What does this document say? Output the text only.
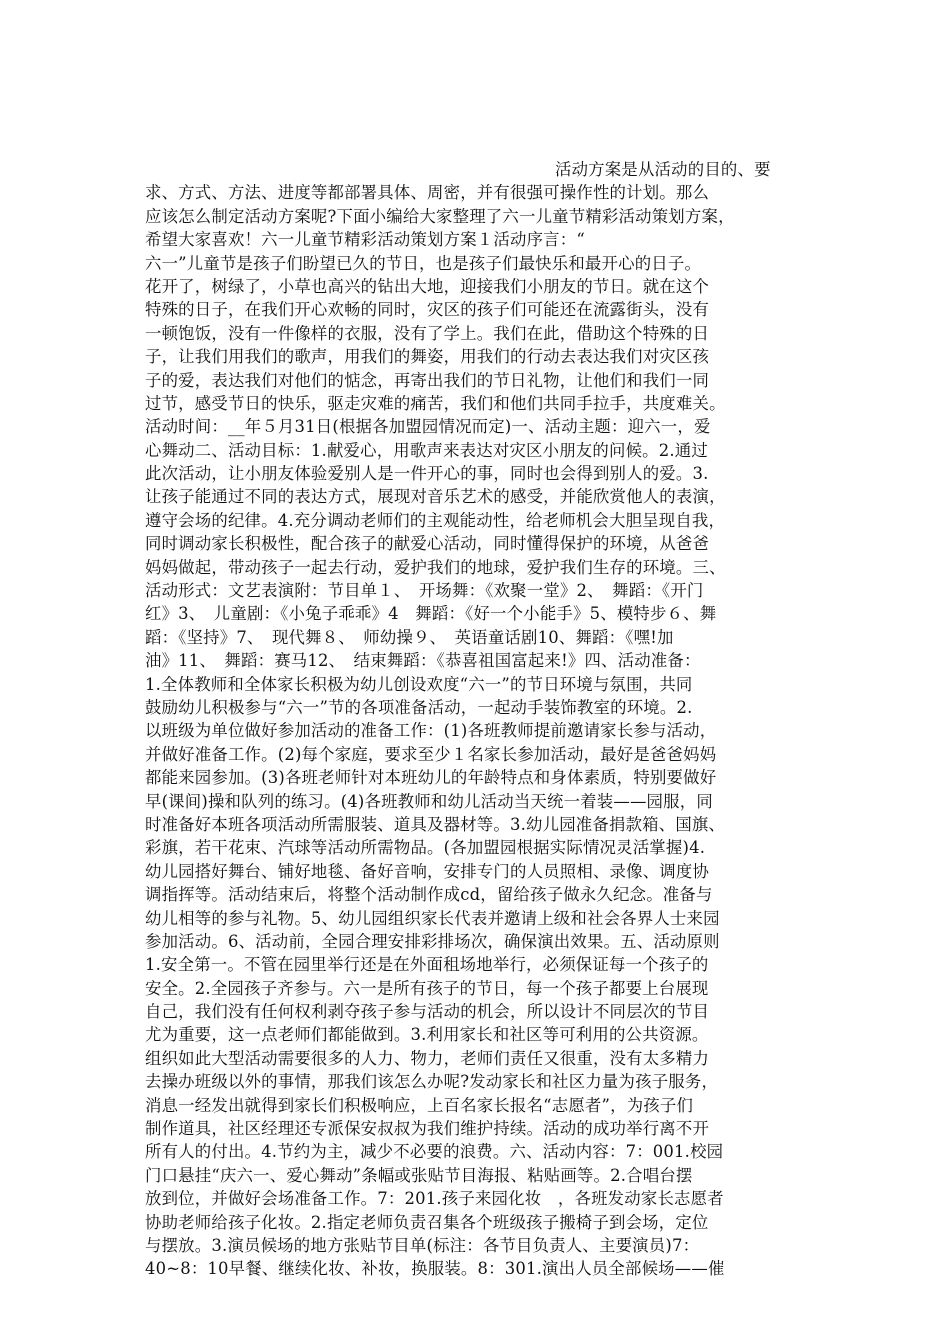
活动方案是从活动的目的、要
求、方式、方法、进度等都部署具体、周密，并有很强可操作性的计划。那么
应该怎么制定活动方案呢?下面小编给大家整理了六一儿童节精彩活动策划方案，
希望大家喜欢！六一儿童节精彩活动策划方案１活动序言：“
六一”儿童节是孩子们盼望已久的节日，也是孩子们最快乐和最开心的日子。
花开了，树绿了，小草也高兴的钻出大地，迎接我们小朋友的节日。就在这个
特殊的日子，在我们开心欢畅的同时，灾区的孩子们可能还在流露街头，没有
一顿饱饭，没有一件像样的衣服，没有了学上。我们在此，借助这个特殊的日
子，让我们用我们的歌声，用我们的舞姿，用我们的行动去表达我们对灾区孩
子的爱，表达我们对他们的惦念，再寄出我们的节日礼物，让他们和我们一同
过节，感受节日的快乐，驱走灾难的痛苦，我们和他们共同手拉手，共度难关。
活动时间：__年５月31日(根据各加盟园情况而定)一、活动主题：迎六一，爱
心舞动二、活动目标：1.献爱心，用歌声来表达对灾区小朋友的问候。2.通过
此次活动，让小朋友体验爱别人是一件开心的事，同时也会得到别人的爱。3.
让孩子能通过不同的表达方式，展现对音乐艺术的感受，并能欣赏他人的表演，
遵守会场的纪律。4.充分调动老师们的主观能动性，给老师机会大胆呈现自我，
同时调动家长积极性，配合孩子的献爱心活动，同时懂得保护的环境，从爸爸
妈妈做起，带动孩子一起去行动，爱护我们的地球，爱护我们生存的环境。三、
活动形式：文艺表演附：节目单１、　开场舞：《欢聚一堂》2、　舞蹈：《开门
红》3、　儿童剧：《小兔子乖乖》4　舞蹈：《好一个小能手》5、模特步６、舞
蹈：《坚持》7、　现代舞８、　师幼操９、　英语童话剧10、舞蹈：《嘿!加
油》11、　舞蹈：赛马12、　结束舞蹈：《恭喜祖国富起来!》四、活动准备：
1.全体教师和全体家长积极为幼儿创设欢度“六一”的节日环境与氛围，共同
鼓励幼儿积极参与“六一”节的各项准备活动，一起动手装饰教室的环境。2.
以班级为单位做好参加活动的准备工作：(1)各班教师提前邀请家长参与活动，
并做好准备工作。(2)每个家庭，要求至少１名家长参加活动，最好是爸爸妈妈
都能来园参加。(3)各班老师针对本班幼儿的年龄特点和身体素质，特别要做好
早(课间)操和队列的练习。(4)各班教师和幼儿活动当天统一着装——园服，同
时准备好本班各项活动所需服装、道具及器材等。3.幼儿园准备捐款箱、国旗、
彩旗，若干花束、汽球等活动所需物品。(各加盟园根据实际情况灵活掌握)4.
幼儿园搭好舞台、铺好地毯、备好音响，安排专门的人员照相、录像、调度协
调指挥等。活动结束后，将整个活动制作成cd，留给孩子做永久纪念。准备与
幼儿相等的参与礼物。5、幼儿园组织家长代表并邀请上级和社会各界人士来园
参加活动。6、活动前，全园合理安排彩排场次，确保演出效果。五、活动原则
1.安全第一。不管在园里举行还是在外面租场地举行，必须保证每一个孩子的
安全。2.全园孩子齐参与。六一是所有孩子的节日，每一个孩子都要上台展现
自己，我们没有任何权利剥夺孩子参与活动的机会，所以设计不同层次的节目
尤为重要，这一点老师们都能做到。3.利用家长和社区等可利用的公共资源。
组织如此大型活动需要很多的人力、物力，老师们责任又很重，没有太多精力
去操办班级以外的事情，那我们该怎么办呢?发动家长和社区力量为孩子服务，
消息一经发出就得到家长们积极响应，上百名家长报名“志愿者”，为孩子们
制作道具，社区经理还专派保安叔叔为我们维护持续。活动的成功举行离不开
所有人的付出。4.节约为主，减少不必要的浪费。六、活动内容：7：001.校园
门口悬挂“庆六一、爱心舞动”条幅或张贴节目海报、粘贴画等。2.合唱台摆
放到位，并做好会场准备工作。7：201.孩子来园化妆　，各班发动家长志愿者
协助老师给孩子化妆。2.指定老师负责召集各个班级孩子搬椅子到会场，定位
与摆放。3.演员候场的地方张贴节目单(标注：各节目负责人、主要演员)7：
40~8：10早餐、继续化妆、补妆，换服装。8：301.演出人员全部候场——催
